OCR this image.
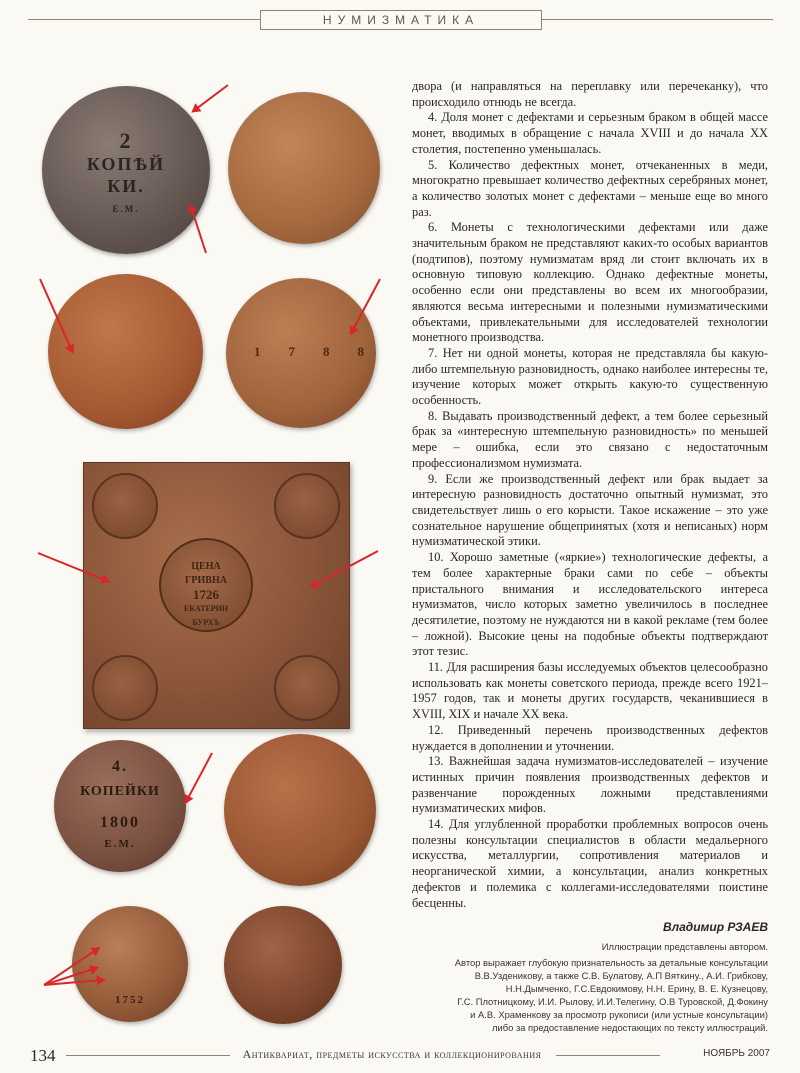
НУМИЗМАТИКА
2
КОПѢЙ
КИ.
Е.М.
1788
ЦЕНА
ГРИВНА
1726
ЕКАТЕРИН
БУРХЪ
4.
КОПЕЙКИ
1800
Е.М.
1752

двора (и направляться на переплавку или перечеканку), что происходило отнюдь не всегда.

4. Доля монет с дефектами и серьезным браком в общей массе монет, вводимых в обращение с начала XVIII и до начала XX столетия, постепенно уменьшалась.

5. Количество дефектных монет, отчеканенных в меди, многократно превышает количество дефектных серебряных монет, а количество золотых монет с дефектами – меньше еще во много раз.

6. Монеты с технологическими дефектами или даже значительным браком не представляют каких-то особых вариантов (подтипов), поэтому нумизматам вряд ли стоит включать их в основную типовую коллекцию. Однако дефектные монеты, особенно если они представлены во всем их многообразии, являются весьма интересными и полезными нумизматическими объектами, привлекательными для исследователей технологии монетного производства.

7. Нет ни одной монеты, которая не представляла бы какую-либо штемпельную разновидность, однако наиболее интересны те, изучение которых может открыть какую-то существенную особенность.

8. Выдавать производственный дефект, а тем более серьезный брак за «интересную штемпельную разновидность» по меньшей мере – ошибка, если это связано с недостаточным профессионализмом нумизмата.

9. Если же производственный дефект или брак выдает за интересную разновидность достаточно опытный нумизмат, это свидетельствует лишь о его корысти. Такое искажение – это уже сознательное нарушение общепринятых (хотя и неписаных) норм нумизматической этики.

10. Хорошо заметные («яркие») технологические дефекты, а тем более характерные браки сами по себе – объекты пристального внимания и исследовательского интереса нумизматов, число которых заметно увеличилось в последнее десятилетие, поэтому не нуждаются ни в какой рекламе (тем более – ложной). Высокие цены на подобные объекты подтверждают этот тезис.

11. Для расширения базы исследуемых объектов целесообразно использовать как монеты советского периода, прежде всего 1921–1957 годов, так и монеты других государств, чеканившиеся в XVIII, XIX и начале XX века.

12. Приведенный перечень производственных дефектов нуждается в дополнении и уточнении.

13. Важнейшая задача нумизматов-исследователей – изучение истинных причин появления производственных дефектов и развенчание порожденных ложными представлениями нумизматических мифов.

14. Для углубленной проработки проблемных вопросов очень полезны консультации специалистов в области медальерного искусства, металлургии, сопротивления материалов и неорганической химии, а консультации, анализ конкретных дефектов и полемика с коллегами-исследователями поистине бесценны.

Владимир РЗАЕВ
Иллюстрации представлены автором.
Автор выражает глубокую признательность за детальные консультации
В.В.Узденикову, а также С.В. Булатову, А.П Вяткину., А.И. Грибкову,
Н.Н.Дымченко, Г.С.Евдокимову, Н.Н. Ерину, В. Е. Кузнецову,
Г.С. Плотницкому, И.И. Рылову, И.И.Телегину, О.В Туровской, Д.Фокину
и А.В. Храменкову за просмотр рукописи (или устные консультации)
либо за предоставление недостающих по тексту иллюстраций.
134	Антиквариат, предметы искусства и коллекционирования	НОЯБРЬ 2007
